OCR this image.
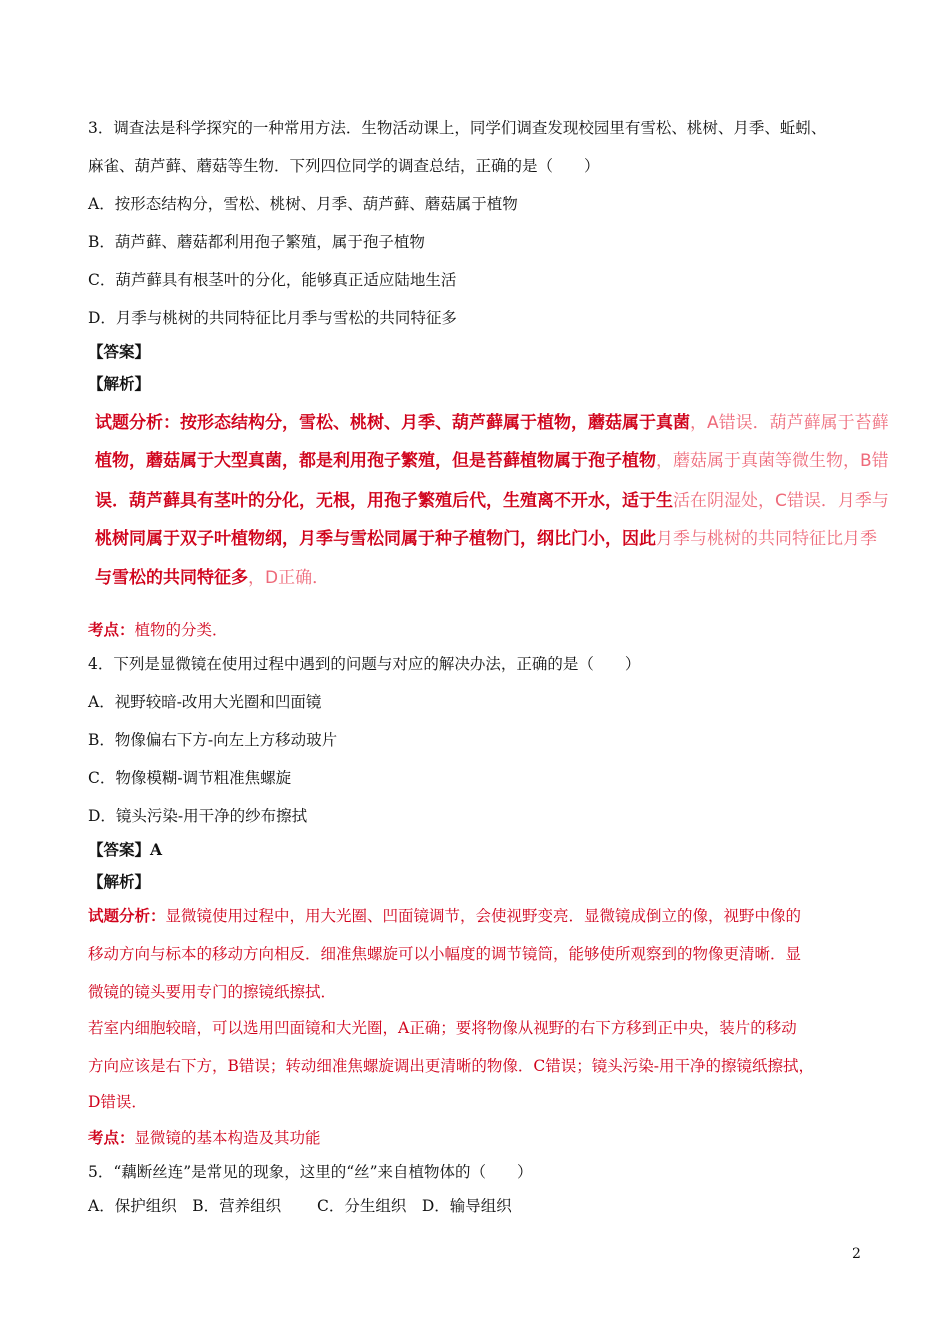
3．调查法是科学探究的一种常用方法．生物活动课上，同学们调查发现校园里有雪松、桃树、月季、蚯蚓、
麻雀、葫芦藓、蘑菇等生物．下列四位同学的调查总结，正确的是（　　）
A．按形态结构分，雪松、桃树、月季、葫芦藓、蘑菇属于植物
B．葫芦藓、蘑菇都利用孢子繁殖，属于孢子植物
C．葫芦藓具有根茎叶的分化，能够真正适应陆地生活
D．月季与桃树的共同特征比月季与雪松的共同特征多
【答案】
【解析】
试题分析：按形态结构分，雪松、桃树、月季、葫芦藓属于植物，蘑菇属于真菌，A错误．葫芦藓属于苔藓
植物，蘑菇属于大型真菌，都是利用孢子繁殖，但是苔藓植物属于孢子植物，蘑菇属于真菌等微生物，B错
误．葫芦藓具有茎叶的分化，无根，用孢子繁殖后代，生殖离不开水，适于生活在阴湿处，C错误．月季与
桃树同属于双子叶植物纲，月季与雪松同属于种子植物门，纲比门小，因此月季与桃树的共同特征比月季
与雪松的共同特征多，D正确．
考点：植物的分类．
4．下列是显微镜在使用过程中遇到的问题与对应的解决办法，正确的是（　　）
A．视野较暗-改用大光圈和凹面镜
B．物像偏右下方-向左上方移动玻片
C．物像模糊-调节粗准焦螺旋
D．镜头污染-用干净的纱布擦拭
【答案】A
【解析】
试题分析：显微镜使用过程中，用大光圈、凹面镜调节，会使视野变亮．显微镜成倒立的像，视野中像的
移动方向与标本的移动方向相反．细准焦螺旋可以小幅度的调节镜筒，能够使所观察到的物像更清晰．显
微镜的镜头要用专门的擦镜纸擦拭．
若室内细胞较暗，可以选用凹面镜和大光圈，A正确；要将物像从视野的右下方移到正中央，装片的移动
方向应该是右下方，B错误；转动细准焦螺旋调出更清晰的物像．C错误；镜头污染-用干净的擦镜纸擦拭，
D错误．
考点：显微镜的基本构造及其功能
5．“藕断丝连”是常见的现象，这里的“丝”来自植物体的（　　）
A．保护组织　B．营养组织　　 C．分生组织　D．输导组织
2
